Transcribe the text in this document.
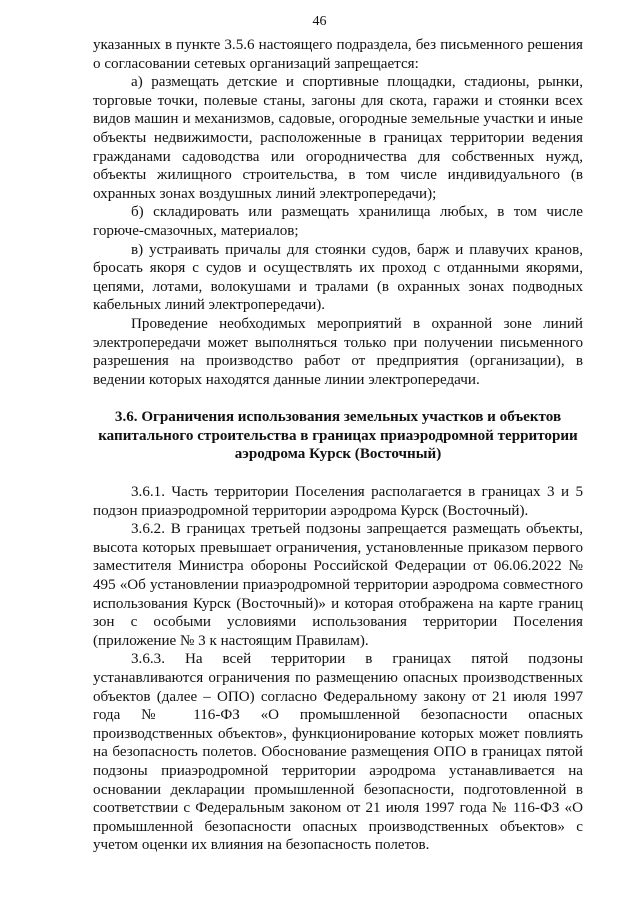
46

указанных в пункте 3.5.6 настоящего подраздела, без письменного решения о согласовании сетевых организаций запрещается:

а) размещать детские и спортивные площадки, стадионы, рынки, торговые точки, полевые станы, загоны для скота, гаражи и стоянки всех видов машин и механизмов, садовые, огородные земельные участки и иные объекты недвижимости, расположенные в границах территории ведения гражданами садоводства или огородничества для собственных нужд, объекты жилищного строительства, в том числе индивидуального (в охранных зонах воздушных линий электропередачи);

б) складировать или размещать хранилища любых, в том числе горюче-смазочных, материалов;

в) устраивать причалы для стоянки судов, барж и плавучих кранов, бросать якоря с судов и осуществлять их проход с отданными якорями, цепями, лотами, волокушами и тралами (в охранных зонах подводных кабельных линий электропередачи).

Проведение необходимых мероприятий в охранной зоне линий электропередачи может выполняться только при получении письменного разрешения на производство работ от предприятия (организации), в ведении которых находятся данные линии электропередачи.

3.6. Ограничения использования земельных участков и объектов
капитального строительства в границах приаэродромной территории
аэродрома Курск (Восточный)

3.6.1. Часть территории Поселения располагается в границах 3 и 5 подзон приаэродромной территории аэродрома Курск (Восточный).

3.6.2. В границах третьей подзоны запрещается размещать объекты, высота которых превышает ограничения, установленные приказом первого заместителя Министра обороны Российской Федерации от 06.06.2022 № 495 «Об установлении приаэродромной территории аэродрома совместного использования Курск (Восточный)» и которая отображена на карте границ зон с особыми условиями использования территории Поселения (приложение № 3 к настоящим Правилам).

3.6.3. На всей территории в границах пятой подзоны устанавливаются ограничения по размещению опасных производственных объектов (далее – ОПО) согласно Федеральному закону от 21 июля 1997 года № 116-ФЗ «О промышленной безопасности опасных производственных объектов», функционирование которых может повлиять на безопасность полетов. Обоснование размещения ОПО в границах пятой подзоны приаэродромной территории аэродрома устанавливается на основании декларации промышленной безопасности, подготовленной в соответствии с Федеральным законом от 21 июля 1997 года № 116-ФЗ «О промышленной безопасности опасных производственных объектов» с учетом оценки их влияния на безопасность полетов.
